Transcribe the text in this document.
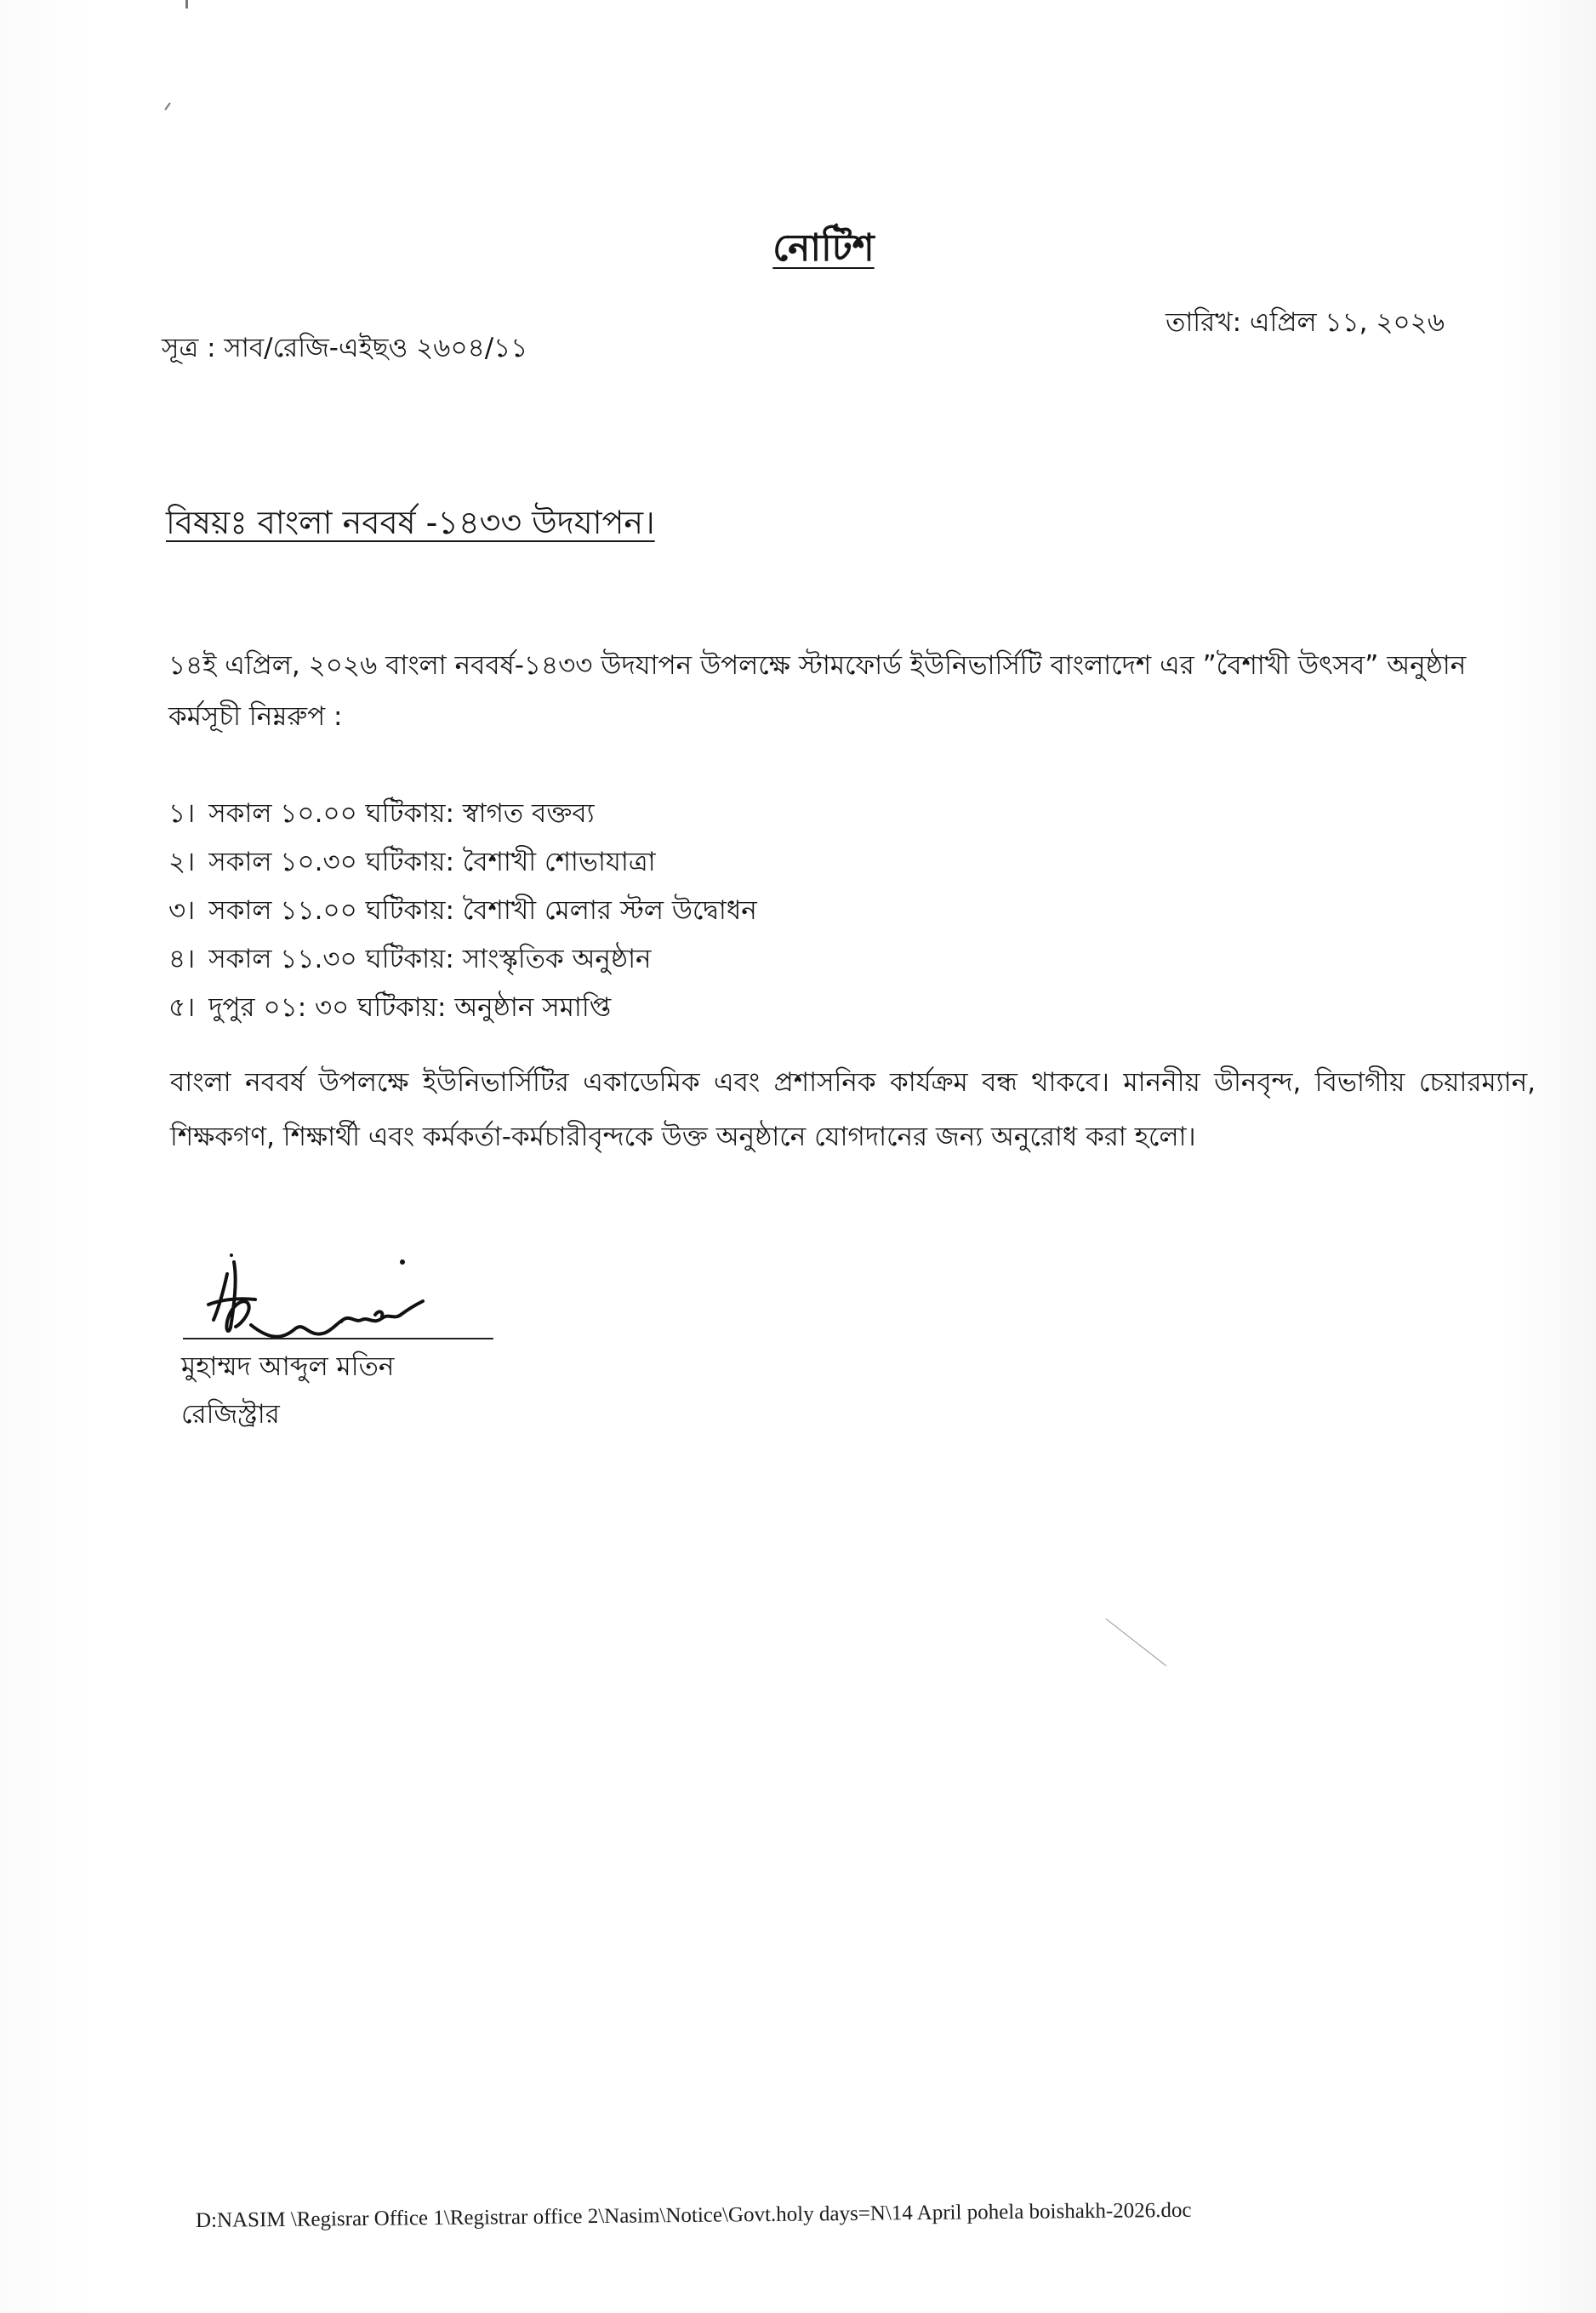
নোটিশ
সূত্র : সাব/রেজি-এইছও ২৬০৪/১১
তারিখ: এপ্রিল ১১, ২০২৬
বিষয়ঃ বাংলা নববর্ষ -১৪৩৩ উদযাপন।
১৪ই এপ্রিল, ২০২৬ বাংলা নববর্ষ-১৪৩৩ উদযাপন উপলক্ষে স্টামফোর্ড ইউনিভার্সিটি বাংলাদেশ এর ”বৈশাখী উৎসব” অনুষ্ঠান কর্মসূচী নিম্নরুপ :
১। সকাল ১০.০০ ঘটিকায়: স্বাগত বক্তব্য
২। সকাল ১০.৩০ ঘটিকায়: বৈশাখী শোভাযাত্রা
৩। সকাল ১১.০০ ঘটিকায়: বৈশাখী মেলার স্টল উদ্বোধন
৪। সকাল ১১.৩০ ঘটিকায়: সাংস্কৃতিক অনুষ্ঠান
৫। দুপুর ০১: ৩০ ঘটিকায়: অনুষ্ঠান সমাপ্তি
বাংলা নববর্ষ উপলক্ষে ইউনিভার্সিটির একাডেমিক এবং প্রশাসনিক কার্যক্রম বন্ধ থাকবে। মাননীয় ডীনবৃন্দ, বিভাগীয় চেয়ারম্যান, শিক্ষকগণ, শিক্ষার্থী এবং কর্মকর্তা-কর্মচারীবৃন্দকে উক্ত অনুষ্ঠানে যোগদানের জন্য অনুরোধ করা হলো।
মুহাম্মদ আব্দুল মতিন
রেজিস্ট্রার
D:NASIM \Regisrar Office 1\Registrar office 2\Nasim\Notice\Govt.holy days=N\14 April pohela boishakh-2026.doc
